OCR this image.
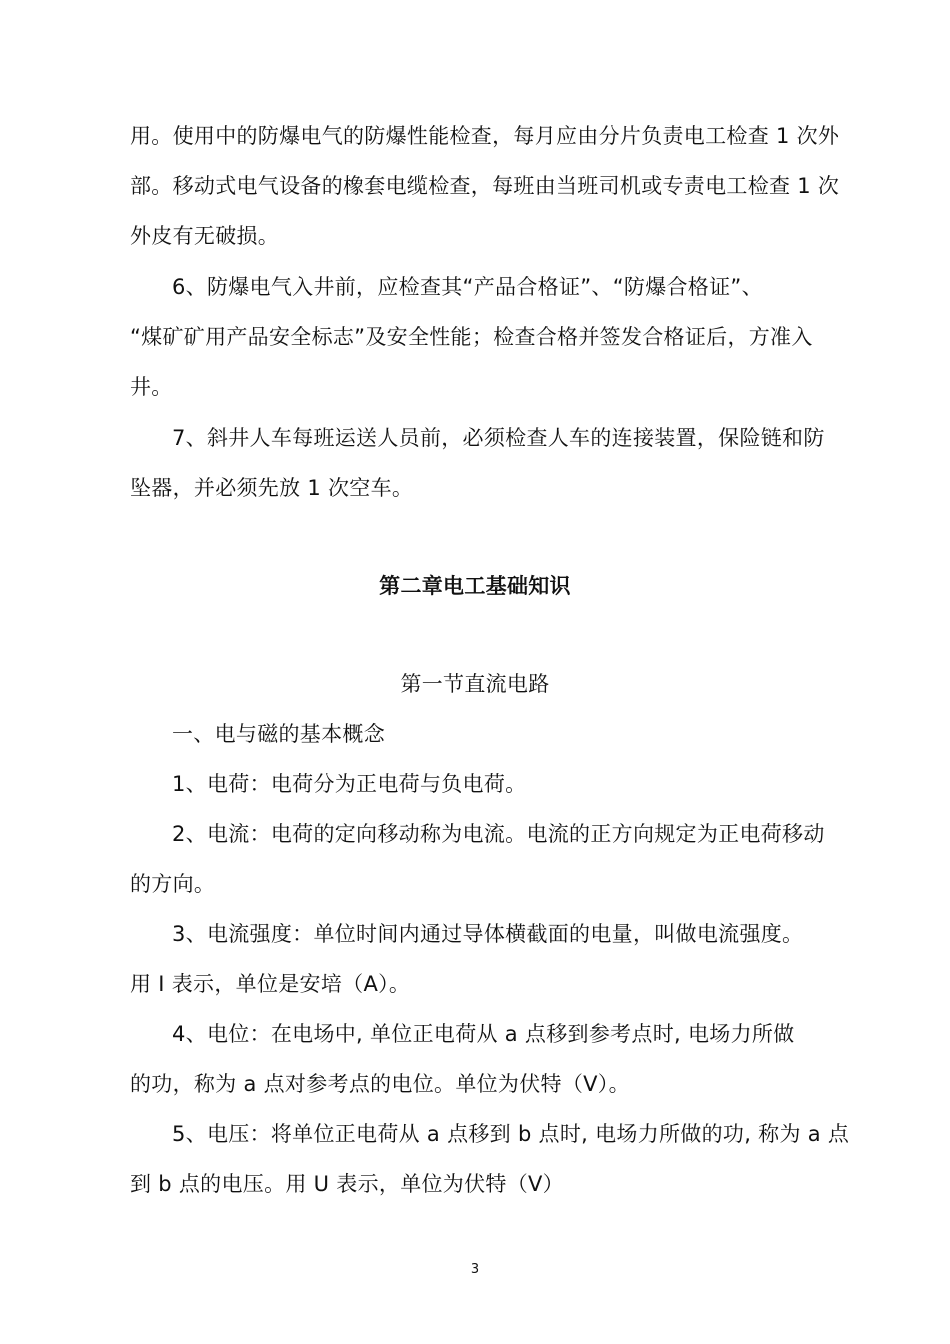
用。使用中的防爆电气的防爆性能检查，每月应由分片负责电工检查 1 次外
部。移动式电气设备的橡套电缆检查，每班由当班司机或专责电工检查 1 次
外皮有无破损。
6、防爆电气入井前，应检查其“产品合格证”、“防爆合格证”、
“煤矿矿用产品安全标志”及安全性能；检查合格并签发合格证后，方准入
井。
7、斜井人车每班运送人员前，必须检查人车的连接装置，保险链和防
坠器，并必须先放 1 次空车。
第二章电工基础知识
第一节直流电路
一、电与磁的基本概念
1、电荷：电荷分为正电荷与负电荷。
2、电流：电荷的定向移动称为电流。电流的正方向规定为正电荷移动
的方向。
3、电流强度：单位时间内通过导体横截面的电量，叫做电流强度。
用 I 表示，单位是安培（A）。
4、电位：在电场中, 单位正电荷从 a 点移到参考点时, 电场力所做
的功，称为 a 点对参考点的电位。单位为伏特（V）。
5、电压：将单位正电荷从 a 点移到 b 点时, 电场力所做的功, 称为 a 点
到 b 点的电压。用 U 表示，单位为伏特（V）
3
